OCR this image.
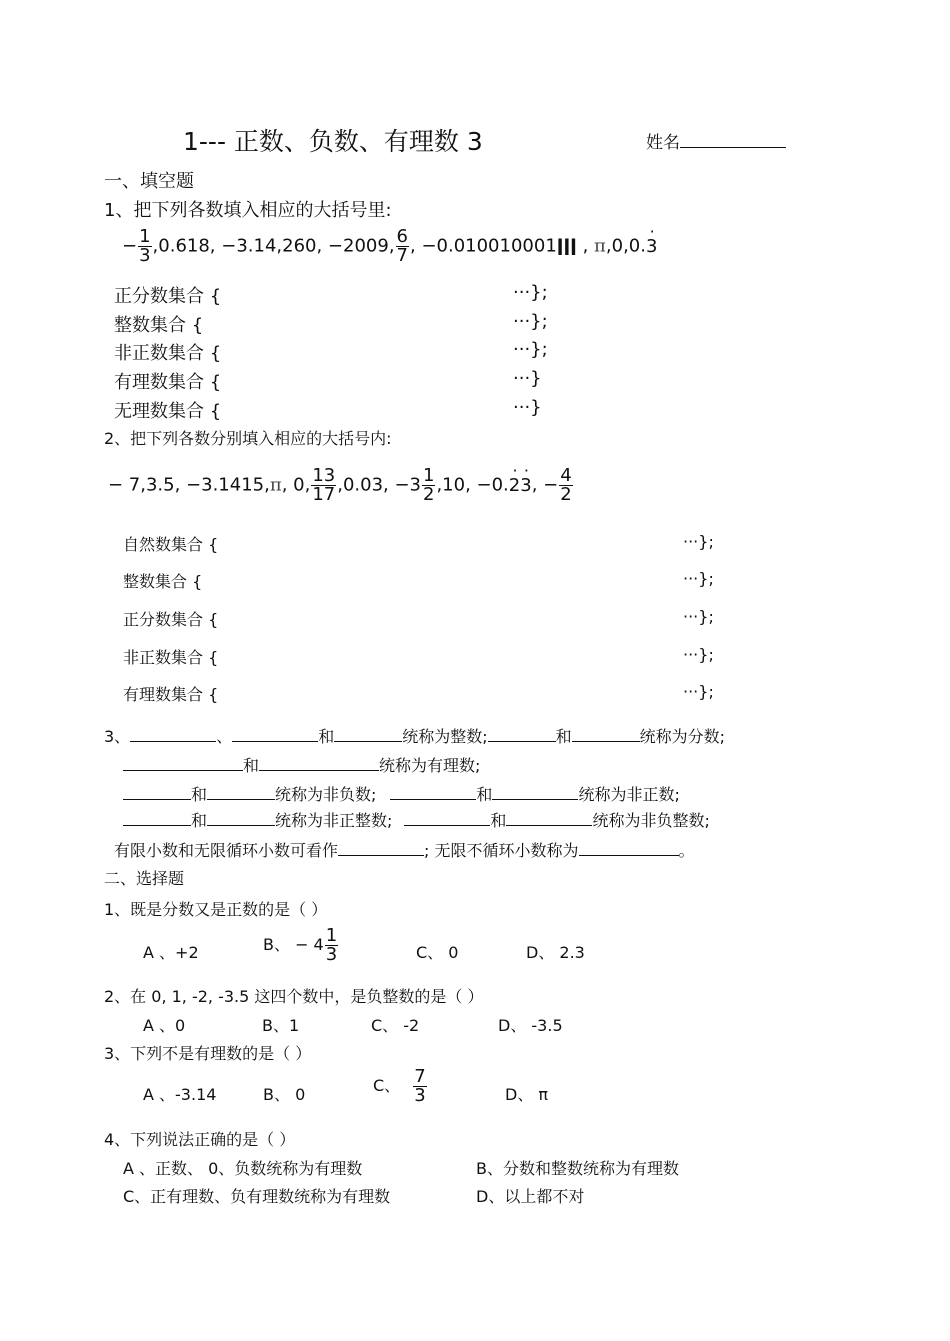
1--- 正数、负数、有理数 3	姓名
一、填空题
1、把下列各数填入相应的大括号里:
− $\frac{1}{3} ,0.618$, −3.14,260, −2009, $\frac{6}{7}$ , −0.010010001ǀǀǀ , π,0,0.· 3
正分数集合 {	···};
整数集合 {	···};
非正数集合 {	···};
有理数集合 {	···}
无理数集合 {	···}
2、把下列各数分别填入相应的大括号内:
− 7,3.5, −3.1415,π, 0, $\frac{13}{17} ,0.03$, $-3 \frac{1}{2} ,10$, −0.· 2· 3, − $\frac{4}{2}$
自然数集合 {	···};
整数集合 {	···};
正分数集合 {	···};
非正数集合 {	···};
有理数集合 {	···};
3、	、	和	统称为整数;	和	统称为分数;
和	统称为有理数;
和	统称为非负数;	和	统称为非正数;
和	统称为非正整数;	和	统称为非负整数;
有限小数和无限循环小数可看作	; 无限不循环小数称为	。
二、选择题
1、既是分数又是正数的是（ ）
A 、+2	B、 − $4 \frac{1}{3}$	C、 0	D、 2.3
2、在 0, 1, -2, -3.5 这四个数中，是负整数的是（ ）
A 、0	B、1	C、 -2	D、 -3.5
3、下列不是有理数的是（ ）
A 、-3.14	B、 0	C、 $\frac{7}{3}$	D、 π
4、下列说法正确的是（ ）
A 、正数、 0、负数统称为有理数	B、分数和整数统称为有理数
C、正有理数、负有理数统称为有理数	D、以上都不对
